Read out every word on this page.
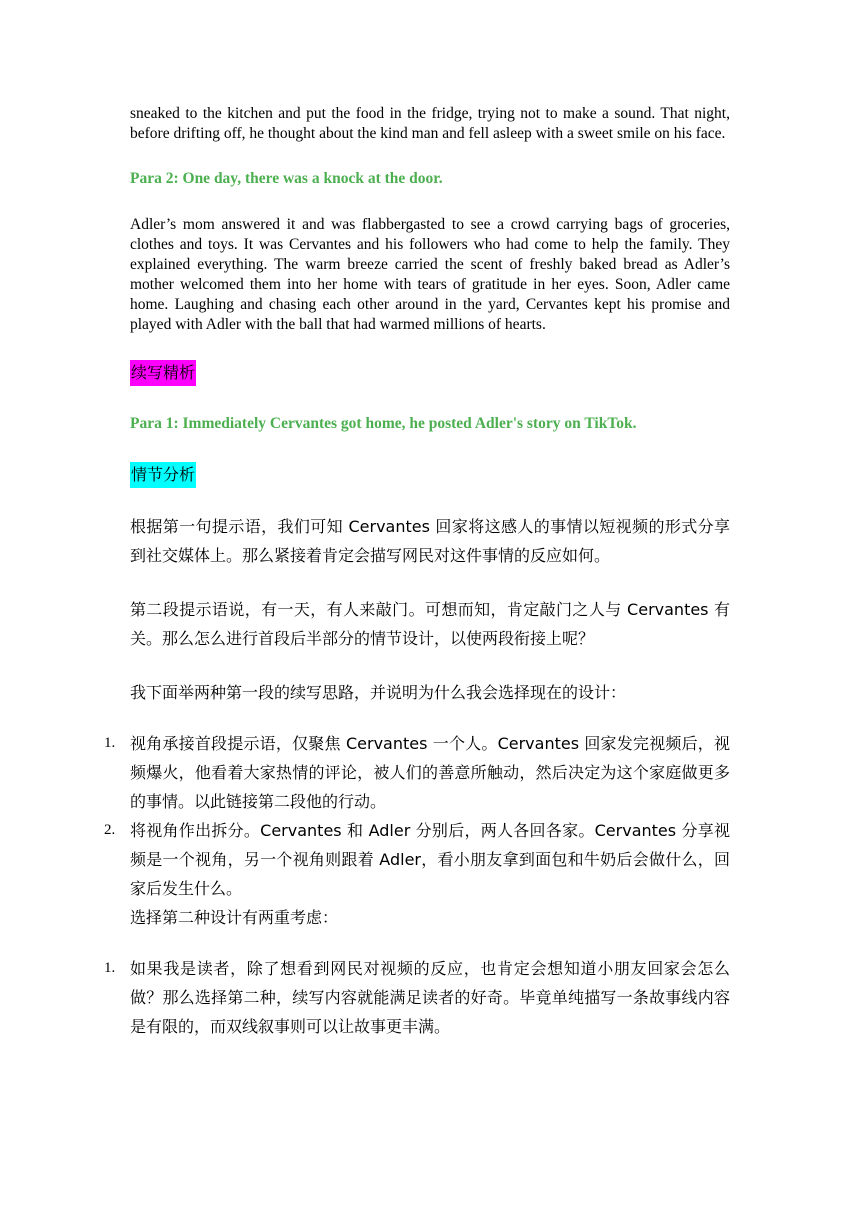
sneaked to the kitchen and put the food in the fridge, trying not to make a sound. That night, before drifting off, he thought about the kind man and fell asleep with a sweet smile on his face.

Para 2: One day, there was a knock at the door.

Adler’s mom answered it and was flabbergasted to see a crowd carrying bags of groceries, clothes and toys. It was Cervantes and his followers who had come to help the family. They explained everything. The warm breeze carried the scent of freshly baked bread as Adler’s mother welcomed them into her home with tears of gratitude in her eyes. Soon, Adler came home. Laughing and chasing each other around in the yard, Cervantes kept his promise and played with Adler with the ball that had warmed millions of hearts.

续写精析

Para 1: Immediately Cervantes got home, he posted Adler's story on TikTok.

情节分析

根据第一句提示语，我们可知 Cervantes 回家将这感人的事情以短视频的形式分享到社交媒体上。那么紧接着肯定会描写网民对这件事情的反应如何。

第二段提示语说，有一天，有人来敲门。可想而知，肯定敲门之人与 Cervantes 有关。那么怎么进行首段后半部分的情节设计，以使两段衔接上呢？

我下面举两种第一段的续写思路，并说明为什么我会选择现在的设计：

1. 视角承接首段提示语，仅聚焦 Cervantes 一个人。Cervantes 回家发完视频后，视频爆火，他看着大家热情的评论，被人们的善意所触动，然后决定为这个家庭做更多的事情。以此链接第二段他的行动。

2. 将视角作出拆分。Cervantes 和 Adler 分别后，两人各回各家。Cervantes 分享视频是一个视角，另一个视角则跟着 Adler，看小朋友拿到面包和牛奶后会做什么，回家后发生什么。

选择第二种设计有两重考虑：

1. 如果我是读者，除了想看到网民对视频的反应，也肯定会想知道小朋友回家会怎么做？那么选择第二种，续写内容就能满足读者的好奇。毕竟单纯描写一条故事线内容是有限的，而双线叙事则可以让故事更丰满。
